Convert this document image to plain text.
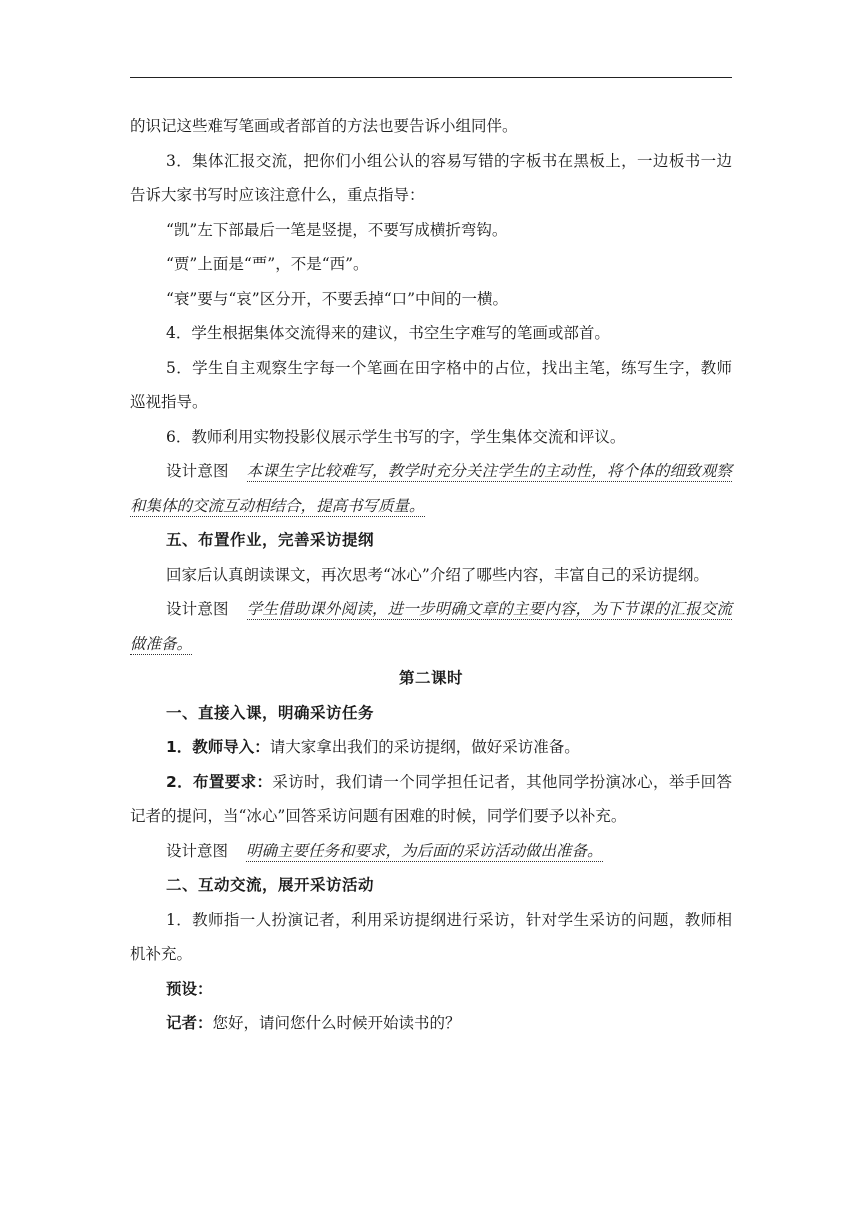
的识记这些难写笔画或者部首的方法也要告诉小组同伴。

3．集体汇报交流，把你们小组公认的容易写错的字板书在黑板上，一边板书一边告诉大家书写时应该注意什么，重点指导：

“凯”左下部最后一笔是竖提，不要写成横折弯钩。

“贾”上面是“覀”，不是“西”。

“衰”要与“哀”区分开，不要丢掉“口”中间的一横。

4．学生根据集体交流得来的建议，书空生字难写的笔画或部首。

5．学生自主观察生字每一个笔画在田字格中的占位，找出主笔，练写生字，教师巡视指导。

6．教师利用实物投影仪展示学生书写的字，学生集体交流和评议。

设计意图 本课生字比较难写，教学时充分关注学生的主动性，将个体的细致观察和集体的交流互动相结合，提高书写质量。

五、布置作业，完善采访提纲

回家后认真朗读课文，再次思考“冰心”介绍了哪些内容，丰富自己的采访提纲。

设计意图 学生借助课外阅读，进一步明确文章的主要内容，为下节课的汇报交流做准备。

第二课时

一、直接入课，明确采访任务

1．教师导入：请大家拿出我们的采访提纲，做好采访准备。

2．布置要求：采访时，我们请一个同学担任记者，其他同学扮演冰心，举手回答记者的提问，当“冰心”回答采访问题有困难的时候，同学们要予以补充。

设计意图 明确主要任务和要求，为后面的采访活动做出准备。

二、互动交流，展开采访活动

1．教师指一人扮演记者，利用采访提纲进行采访，针对学生采访的问题，教师相机补充。

预设：

记者：您好，请问您什么时候开始读书的？
